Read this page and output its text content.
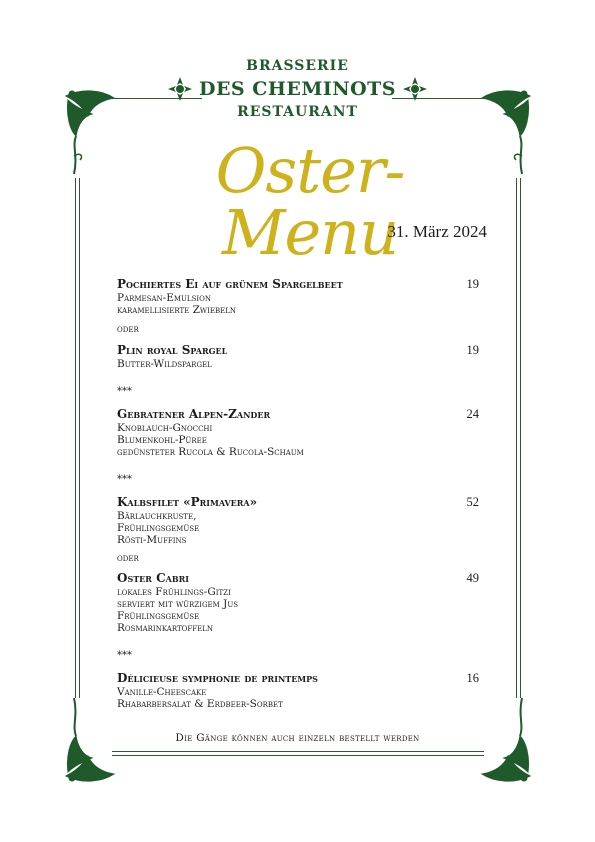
BRASSERIE
DES CHEMINOTS
RESTAURANT
Oster-Menu
31. März 2024
Pochiertes Ei auf grünem Spargelbeet	19
Parmesan-Emulsion
karamellisierte Zwiebeln
oder
Plin royal Spargel	19
Butter-Wildspargel
***
Gebratener Alpen-Zander	24
Knoblauch-Gnocchi
Blumenkohl-Püree
gedünsteter Rucola & Rucola-Schaum
***
Kalbsfilet «Primavera»	52
Bärlauchkruste,
Frühlingsgemüse
Rösti-Muffins
oder
Oster Cabri	49
lokales Frühlings-Gitzi
serviert mit würzigem Jus
Frühlingsgemüse
Rosmarinkartoffeln
***
Délicieuse symphonie de printemps	16
Vanille-Cheescake
Rhabarbersalat & Erdbeer-Sorbet
Die Gänge können auch einzeln bestellt werden
